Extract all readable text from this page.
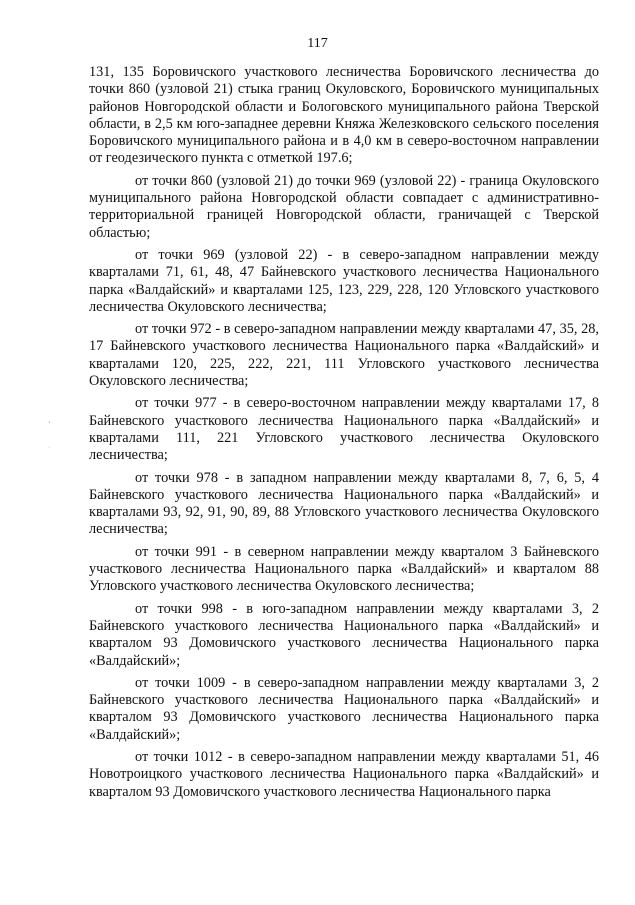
117

131, 135 Боровичского участкового лесничества Боровичского лесничества до точки 860 (узловой 21) стыка границ Окуловского, Боровичского муниципальных районов Новгородской области и Бологовского муниципального района Тверской области, в 2,5 км юго-западнее деревни Княжа Железковского сельского поселения Боровичского муниципального района и в 4,0 км в северо-восточном направлении от геодезического пункта с отметкой 197.6;

от точки 860 (узловой 21) до точки 969 (узловой 22) - граница Окуловского муниципального района Новгородской области совпадает с административно-территориальной границей Новгородской области, граничащей с Тверской областью;

от точки 969 (узловой 22) - в северо-западном направлении между кварталами 71, 61, 48, 47 Байневского участкового лесничества Национального парка «Валдайский» и кварталами 125, 123, 229, 228, 120 Угловского участкового лесничества Окуловского лесничества;

от точки 972 - в северо-западном направлении между кварталами 47, 35, 28, 17 Байневского участкового лесничества Национального парка «Валдайский» и кварталами 120, 225, 222, 221, 111 Угловского участкового лесничества Окуловского лесничества;

от точки 977 - в северо-восточном направлении между кварталами 17, 8 Байневского участкового лесничества Национального парка «Валдайский» и кварталами 111, 221 Угловского участкового лесничества Окуловского лесничества;

от точки 978 - в западном направлении между кварталами 8, 7, 6, 5, 4 Байневского участкового лесничества Национального парка «Валдайский» и кварталами 93, 92, 91, 90, 89, 88 Угловского участкового лесничества Окуловского лесничества;

от точки 991 - в северном направлении между кварталом 3 Байневского участкового лесничества Национального парка «Валдайский» и кварталом 88 Угловского участкового лесничества Окуловского лесничества;

от точки 998 - в юго-западном направлении между кварталами 3, 2 Байневского участкового лесничества Национального парка «Валдайский» и кварталом 93 Домовичского участкового лесничества Национального парка «Валдайский»;

от точки 1009 - в северо-западном направлении между кварталами 3, 2 Байневского участкового лесничества Национального парка «Валдайский» и кварталом 93 Домовичского участкового лесничества Национального парка «Валдайский»;

от точки 1012 - в северо-западном направлении между кварталами 51, 46 Новотроицкого участкового лесничества Национального парка «Валдайский» и кварталом 93 Домовичского участкового лесничества Национального парка
